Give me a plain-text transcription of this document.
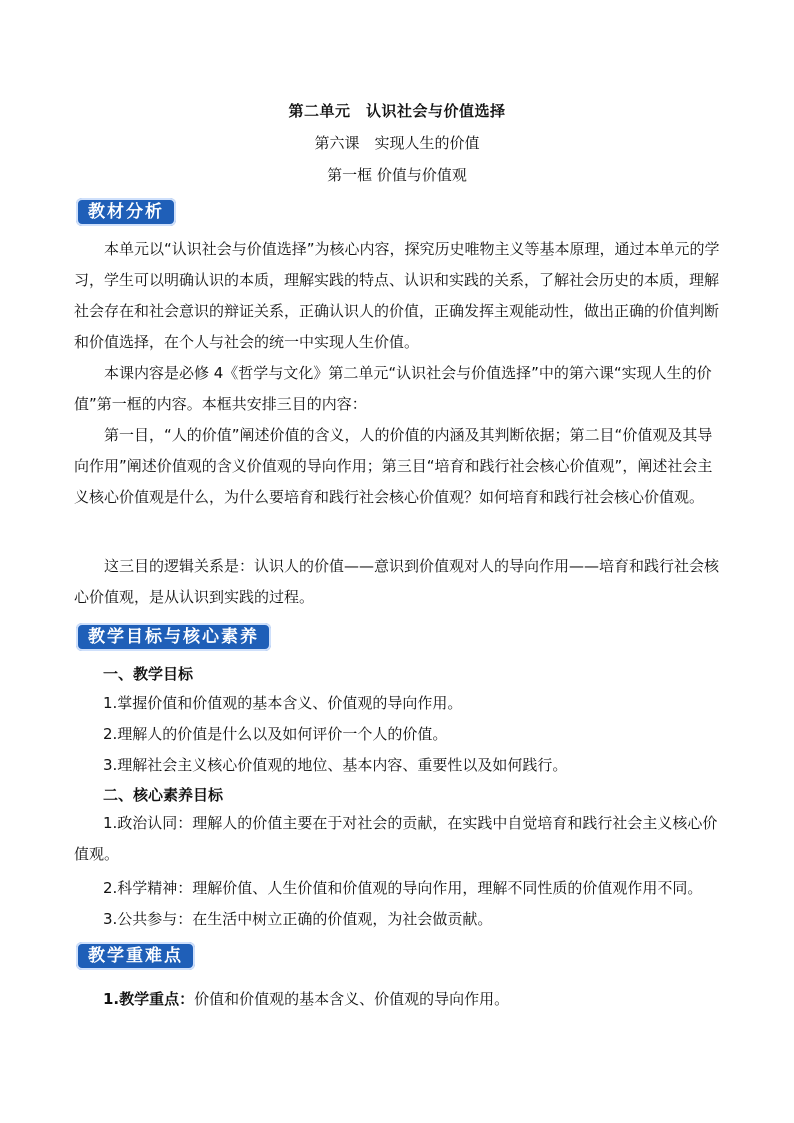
第二单元　认识社会与价值选择
第六课　实现人生的价值
第一框 价值与价值观
教材分析

本单元以“认识社会与价值选择”为核心内容，探究历史唯物主义等基本原理，通过本单元的学习，学生可以明确认识的本质，理解实践的特点、认识和实践的关系，了解社会历史的本质，理解社会存在和社会意识的辩证关系，正确认识人的价值，正确发挥主观能动性，做出正确的价值判断和价值选择，在个人与社会的统一中实现人生价值。

本课内容是必修 4《哲学与文化》第二单元“认识社会与价值选择”中的第六课“实现人生的价值”第一框的内容。本框共安排三目的内容：

第一目，“人的价值”阐述价值的含义，人的价值的内涵及其判断依据；第二目“价值观及其导向作用”阐述价值观的含义价值观的导向作用；第三目“培育和践行社会核心价值观”，阐述社会主义核心价值观是什么，为什么要培育和践行社会核心价值观？如何培育和践行社会核心价值观。

这三目的逻辑关系是：认识人的价值——意识到价值观对人的导向作用——培育和践行社会核心价值观，是从认识到实践的过程。

教学目标与核心素养
一、教学目标
1.掌握价值和价值观的基本含义、价值观的导向作用。
2.理解人的价值是什么以及如何评价一个人的价值。
3.理解社会主义核心价值观的地位、基本内容、重要性以及如何践行。
二、核心素养目标
1.政治认同：理解人的价值主要在于对社会的贡献，在实践中自觉培育和践行社会主义核心价值观。
2.科学精神：理解价值、人生价值和价值观的导向作用，理解不同性质的价值观作用不同。
3.公共参与：在生活中树立正确的价值观，为社会做贡献。
教学重难点
1.教学重点：价值和价值观的基本含义、价值观的导向作用。
